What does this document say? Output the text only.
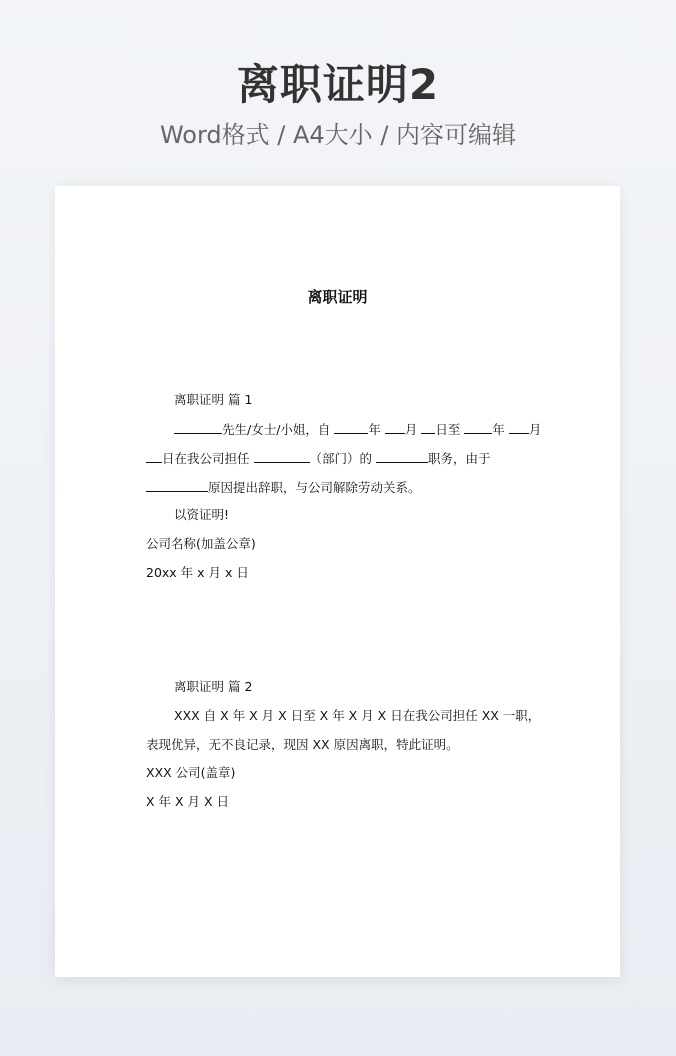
离职证明2
Word格式 / A4大小 / 内容可编辑
离职证明
离职证明 篇 1
先生/女士/小姐，自	年 月 日至	年 月
日在我公司担任	（部门）的	职务，由于
原因提出辞职，与公司解除劳动关系。
以资证明!
公司名称(加盖公章)
20xx 年 x 月 x 日
离职证明 篇 2
XXX 自 X 年 X 月 X 日至 X 年 X 月 X 日在我公司担任 XX 一职，
表现优异，无不良记录，现因 XX 原因离职，特此证明。
XXX 公司(盖章)
X 年 X 月 X 日
